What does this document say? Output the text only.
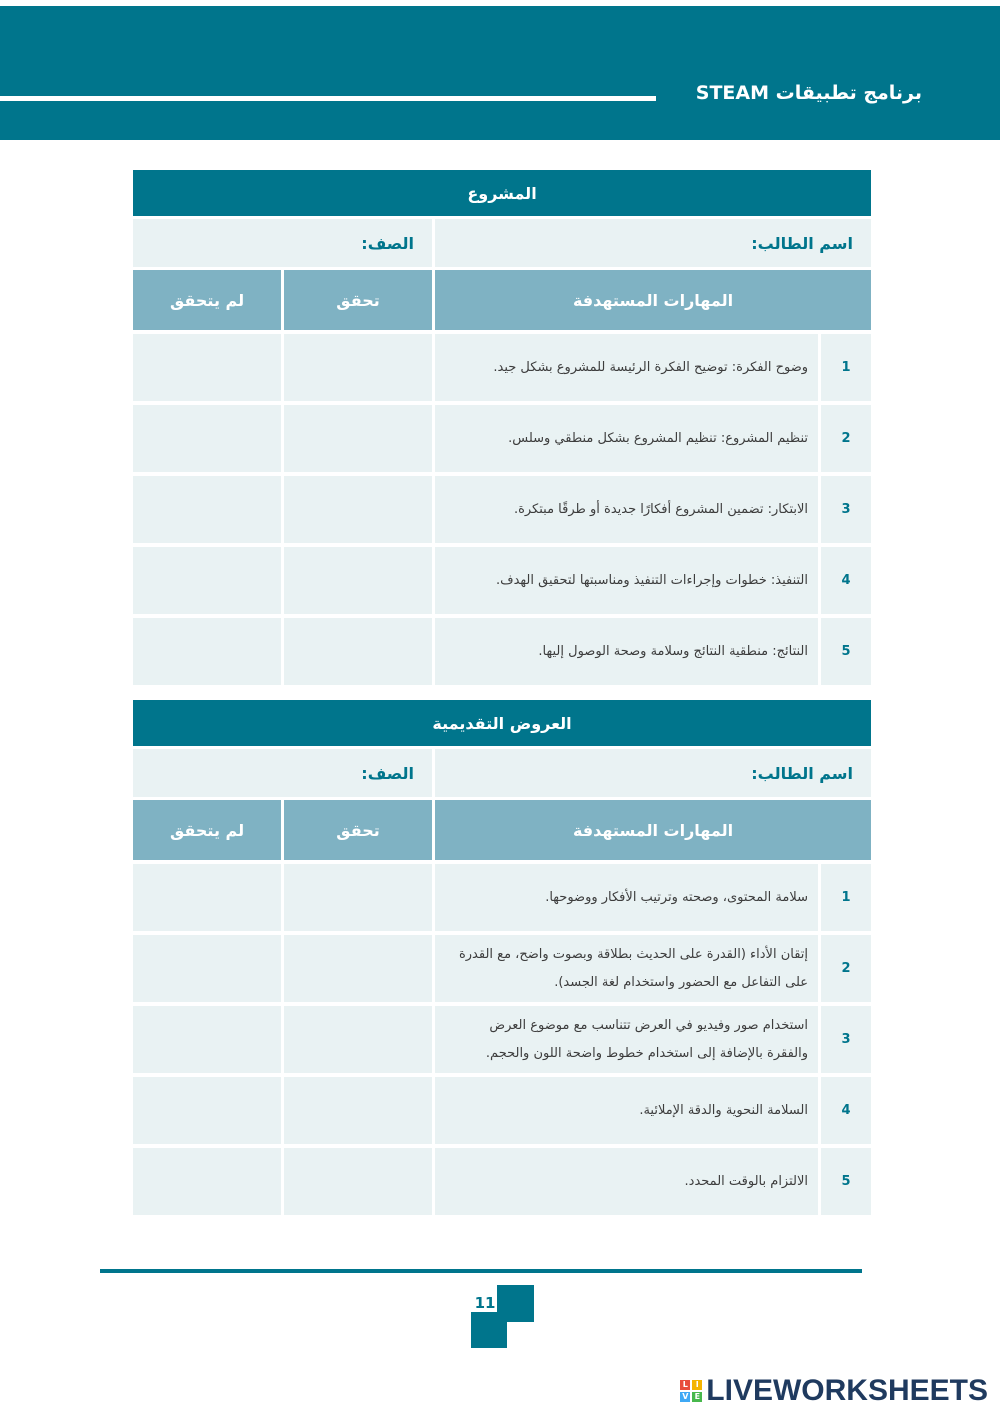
برنامج تطبيقات STEAM
المشروع			
اسم الطالب:		الصف:	
المهارات المستهدفة		تحقق	لم يتحقق
1	وضوح الفكرة: توضيح الفكرة الرئيسة للمشروع بشكل جيد.		
2	تنظيم المشروع: تنظيم المشروع بشكل منطقي وسلس.		
3	الابتكار: تضمين المشروع أفكارًا جديدة أو طرقًا مبتكرة.		
4	التنفيذ: خطوات وإجراءات التنفيذ ومناسبتها لتحقيق الهدف.		
5	النتائج: منطقية النتائج وسلامة وصحة الوصول إليها.		
العروض التقديمية			
اسم الطالب:		الصف:	
المهارات المستهدفة		تحقق	لم يتحقق
1	سلامة المحتوى، وصحته وترتيب الأفكار ووضوحها.		
2	إتقان الأداء (القدرة على الحديث بطلاقة وبصوت واضح، مع القدرة على التفاعل مع الحضور واستخدام لغة الجسد).		
3	استخدام صور وفيديو في العرض تتناسب مع موضوع العرض والفقرة بالإضافة إلى استخدام خطوط واضحة اللون والحجم.		
4	السلامة النحوية والدقة الإملائية.		
5	الالتزام بالوقت المحدد.		
11
L I
V E LIVEWORKSHEETS
